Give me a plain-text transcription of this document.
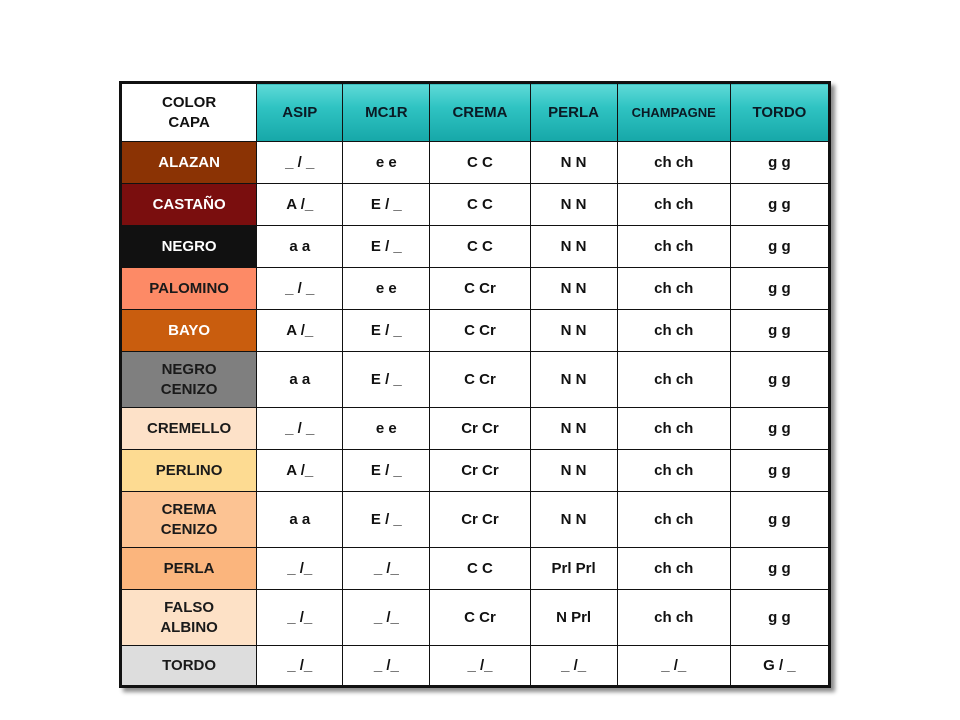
COLOR
CAPA	ASIP	MC1R	CREMA	PERLA	CHAMPAGNE	TORDO

ALAZAN	_ / _	e e	C C	N N	ch ch	g g

CASTAÑO	A /_	E / _	C C	N N	ch ch	g g

NEGRO	a a	E / _	C C	N N	ch ch	g g

PALOMINO	_ / _	e e	C Cr	N N	ch ch	g g

BAYO	A /_	E / _	C Cr	N N	ch ch	g g

NEGRO
CENIZO	a a	E / _	C Cr	N N	ch ch	g g

CREMELLO	_ / _	e e	Cr Cr	N N	ch ch	g g

PERLINO	A /_	E / _	Cr Cr	N N	ch ch	g g

CREMA
CENIZO	a a	E / _	Cr Cr	N N	ch ch	g g

PERLA	_ /_	_ /_	C C	Prl Prl	ch ch	g g

FALSO
ALBINO	_ /_	_ /_	C Cr	N Prl	ch ch	g g

TORDO	_ /_	_ /_	_ /_	_ /_	_ /_	G / _
